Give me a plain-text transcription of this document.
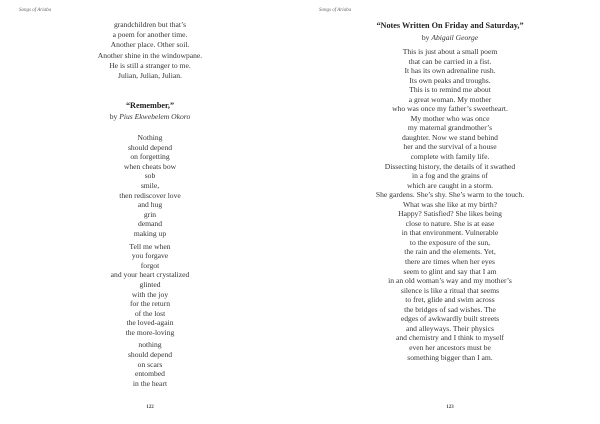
Songs of Ariaba
grandchildren but that’s
a poem for another time.
Another place. Other soil.
Another shine in the windowpane.
He is still a stranger to me.
Julian, Julian, Julian.
“Remember,”
by Pius Ekwebelem Okoro
Nothing
should depend
on forgetting
when cheats bow
sob
smile,
then rediscover love
and hug
grin
demand
making up
Tell me when
you forgave
forgot
and your heart crystalized
glinted
with the joy
for the return
of the lost
the loved-again
the more-loving
nothing
should depend
on scars
entombed
in the heart
122
Songs of Ariaba
“Notes Written On Friday and Saturday,”
by Abigail George
This is just about a small poem
that can be carried in a fist.
It has its own adrenaline rush.
Its own peaks and troughs.
This is to remind me about
a great woman. My mother
who was once my father’s sweetheart.
My mother who was once
my maternal grandmother’s
daughter. Now we stand behind
her and the survival of a house
complete with family life.
Dissecting history, the details of it swathed
in a fog and the grains of
which are caught in a storm.
She gardens. She’s shy. She’s warm to the touch.
What was she like at my birth?
Happy? Satisfied? She likes being
close to nature. She is at ease
in that environment. Vulnerable
to the exposure of the sun,
the rain and the elements. Yet,
there are times when her eyes
seem to glint and say that I am
in an old woman’s way and my mother’s
silence is like a ritual that seems
to fret, glide and swim across
the bridges of sad wishes. The
edges of awkwardly built streets
and alleyways. Their physics
and chemistry and I think to myself
even her ancestors must be
something bigger than I am.
123
